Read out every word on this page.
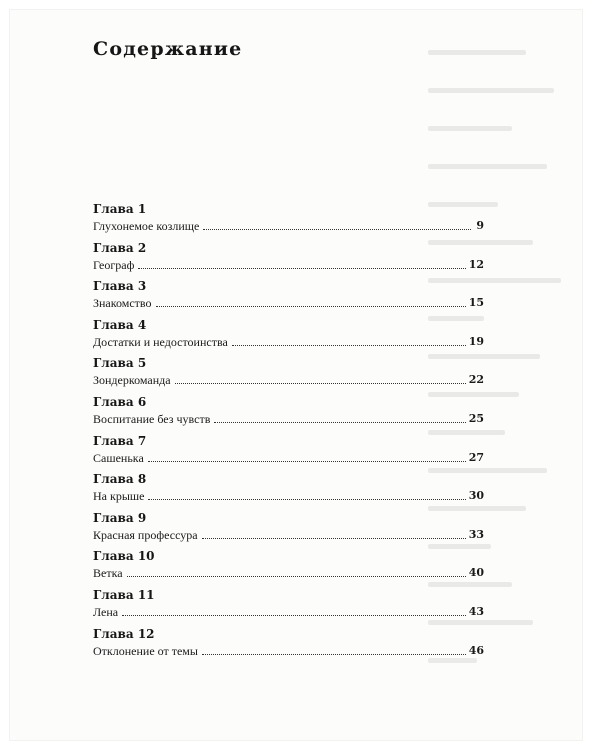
Содержание
Глава 1
Глухонемое козлище	9
Глава 2
Географ	12
Глава 3
Знакомство	15
Глава 4
Достатки и недостоинства	19
Глава 5
Зондеркоманда	22
Глава 6
Воспитание без чувств	25
Глава 7
Сашенька	27
Глава 8
На крыше	30
Глава 9
Красная профессура	33
Глава 10
Ветка	40
Глава 11
Лена	43
Глава 12
Отклонение от темы	46
